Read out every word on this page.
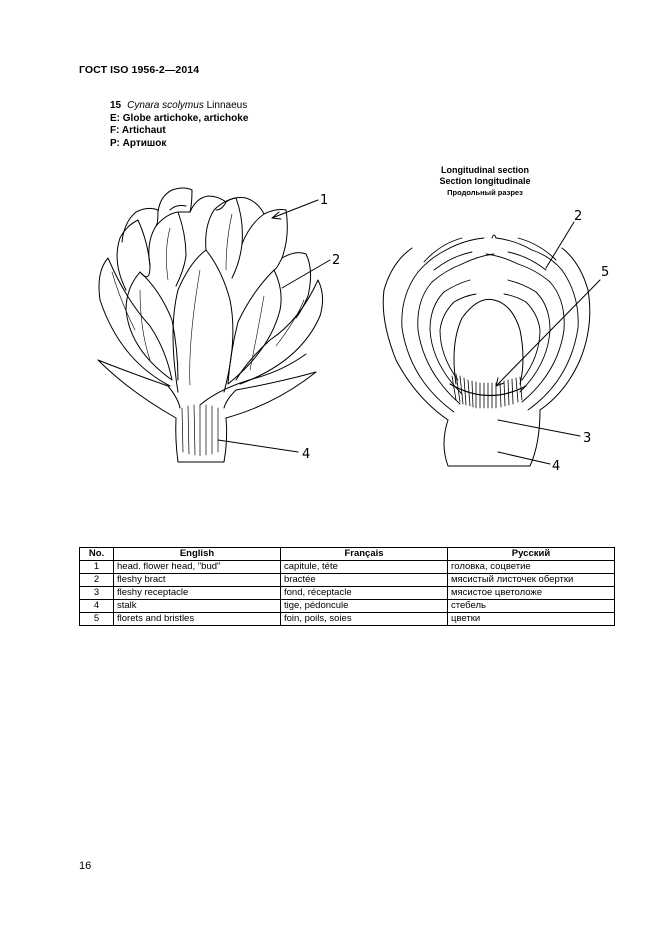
ГОСТ ISO 1956-2—2014
15 Cynara scolymus Linnaeus
E: Globe artichoke, artichoke
F: Artichaut
Р: Артишок
Longitudinal section
Section longitudinale
Продольный разрез
1
2
4
2
5
3
4
No.	English	Français	Русский
1	head. flower head, "bud"	capitule, téte	головка, соцветие
2	fleshy bract	bractée	мясистый листочек обертки
3	fleshy receptacle	fond, réceptacle	мясистое цветоложе
4	stalk	tige, pédoncule	стебель
5	florets and bristles	foin, poils, soies	цветки
16
